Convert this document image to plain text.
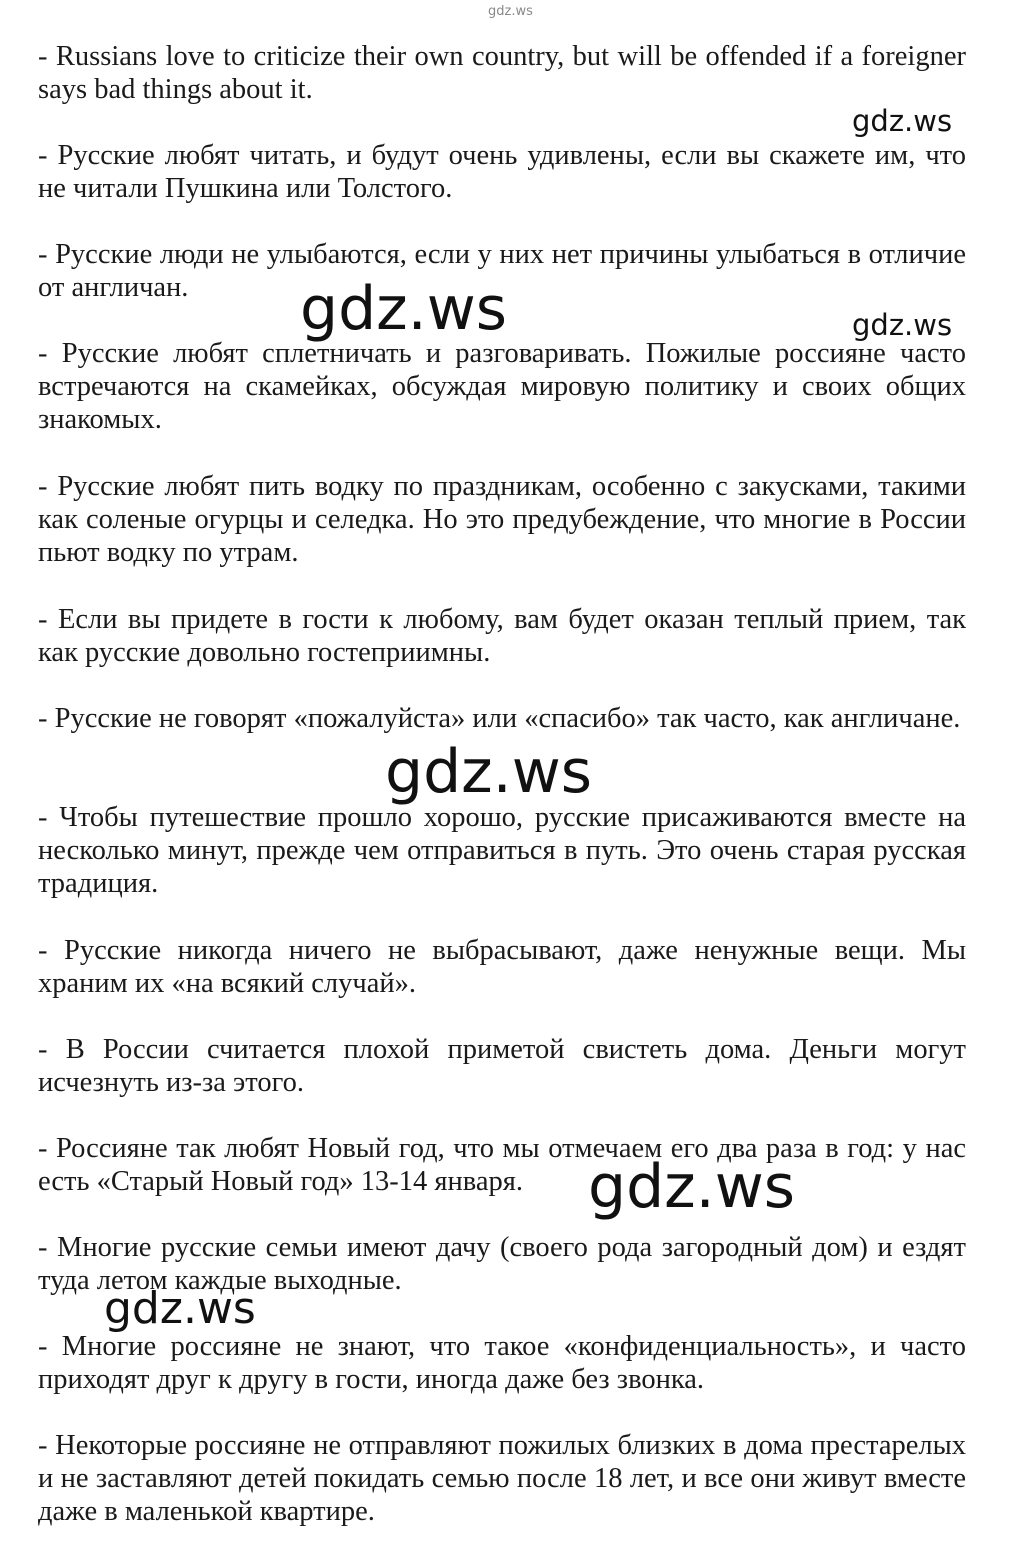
gdz.ws

- Russians love to criticize their own country, but will be offended if a foreigner says bad things about it.

- Русские любят читать, и будут очень удивлены, если вы скажете им, что не читали Пушкина или Толстого.

- Русские люди не улыбаются, если у них нет причины улыбаться в отличие от англичан.

- Русские любят сплетничать и разговаривать. Пожилые россияне часто встречаются на скамейках, обсуждая мировую политику и своих общих знакомых.

- Русские любят пить водку по праздникам, особенно с закусками, такими как соленые огурцы и селедка. Но это предубеждение, что многие в России пьют водку по утрам.

- Если вы придете в гости к любому, вам будет оказан теплый прием, так как русские довольно гостеприимны.

- Русские не говорят «пожалуйста» или «спасибо» так часто, как англичане.

- Чтобы путешествие прошло хорошо, русские присаживаются вместе на несколько минут, прежде чем отправиться в путь. Это очень старая русская традиция.

- Русские никогда ничего не выбрасывают, даже ненужные вещи. Мы храним их «на всякий случай».

- В России считается плохой приметой свистеть дома. Деньги могут исчезнуть из-за этого.

- Россияне так любят Новый год, что мы отмечаем его два раза в год: у нас есть «Старый Новый год» 13-14 января.

- Многие русские семьи имеют дачу (своего рода загородный дом) и ездят туда летом каждые выходные.

- Многие россияне не знают, что такое «конфиденциальность», и часто приходят друг к другу в гости, иногда даже без звонка.

- Некоторые россияне не отправляют пожилых близких в дома престарелых и не заставляют детей покидать семью после 18 лет, и все они живут вместе даже в маленькой квартире.

gdz.ws
gdz.ws
gdz.ws
gdz.ws
gdz.ws
gdz.ws
